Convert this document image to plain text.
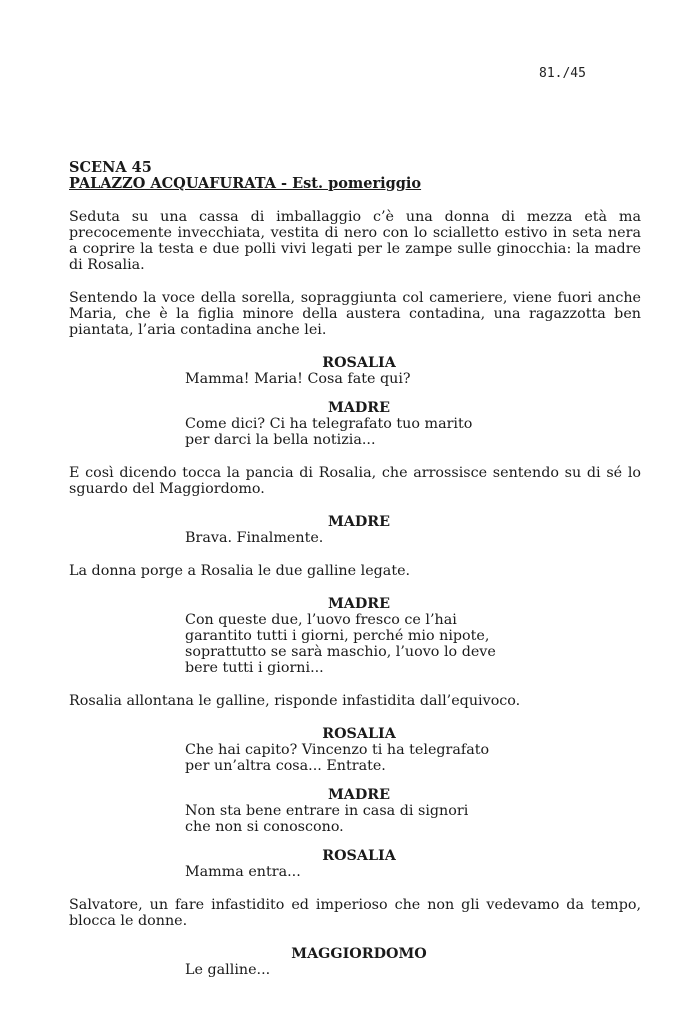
81./45
SCENA 45
PALAZZO ACQUAFURATA - Est. pomeriggio

Seduta su una cassa di imballaggio c’è una donna di mezza età ma precocemente invecchiata, vestita di nero con lo scialletto estivo in seta nera a coprire la testa e due polli vivi legati per le zampe sulle ginocchia: la madre di Rosalia.

Sentendo la voce della sorella, sopraggiunta col cameriere, viene fuori anche Maria, che è la figlia minore della austera contadina, una ragazzotta ben piantata, l’aria contadina anche lei.

ROSALIA
Mamma! Maria! Cosa fate qui?
MADRE
Come dici? Ci ha telegrafato tuo marito
per darci la bella notizia...

E così dicendo tocca la pancia di Rosalia, che arrossisce sentendo su di sé lo sguardo del Maggiordomo.

MADRE
Brava. Finalmente.

La donna porge a Rosalia le due galline legate.

MADRE
Con queste due, l’uovo fresco ce l’hai
garantito tutti i giorni, perché mio nipote,
soprattutto se sarà maschio, l’uovo lo deve
bere tutti i giorni...

Rosalia allontana le galline, risponde infastidita dall’equivoco.

ROSALIA
Che hai capito? Vincenzo ti ha telegrafato
per un’altra cosa... Entrate.
MADRE
Non sta bene entrare in casa di signori
che non si conoscono.
ROSALIA
Mamma entra...

Salvatore, un fare infastidito ed imperioso che non gli vedevamo da tempo, blocca le donne.

MAGGIORDOMO
Le galline...
